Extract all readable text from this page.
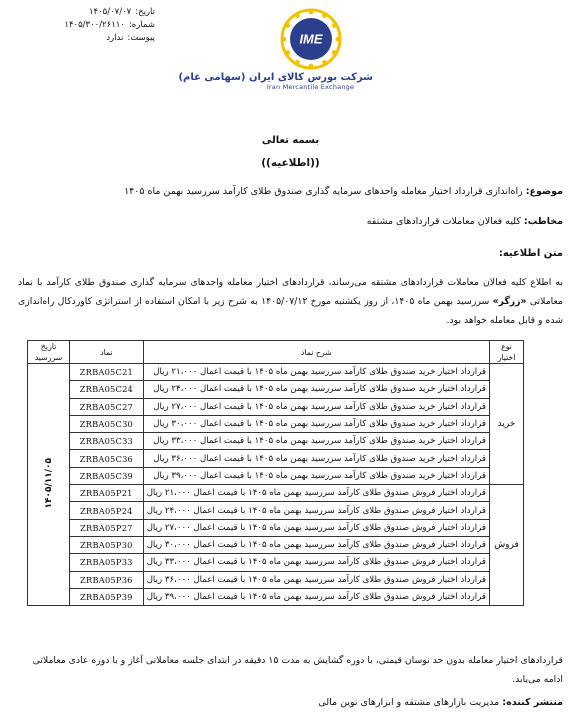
تاریخ:
۱۴۰۵/۰۷/۰۷
شماره:
۱۴۰۵/۳۰۰/۲۶۱۱۰
پیوست:
ندارد	IME
شرکت بورس کالای ایران (سهامی عام)
Iran Mercantile Exchange
بسمه تعالی
((اطلاعیه))
موضوع: راه‌اندازی قرارداد اختیار معامله واحدهای سرمایه گذاری صندوق طلای کارآمد سررسید بهمن ماه ۱۴۰۵
مخاطب: کلیه فعالان معاملات قراردادهای مشتقه
متن اطلاعیه:
به اطلاع کلیه فعالان معاملات قراردادهای مشتقه می‌رساند، قراردادهای اختیار معامله واحدهای سرمایه گذاری صندوق طلای کارآمد با نماد معاملاتی «زرگر» سررسید بهمن ماه ۱۴۰۵، از روز یکشنبه مورخ ۱۴۰۵/۰۷/۱۲ به شرح زیر با امکان استفاده از استراتژی کاورد‌کال راه‌اندازی شده و قابل معامله خواهد بود.
نوع اختیار	شرح نماد	نماد	تاریخ سررسید
خرید	قرارداد اختیار خرید صندوق طلای کارآمد سررسید بهمن ماه ۱۴۰۵ با قیمت اعمال ۲۱،۰۰۰ ریال	ZRBA05C21	۱۴۰۵/۱۱/۰۵
	قرارداد اختیار خرید صندوق طلای کارآمد سررسید بهمن ماه ۱۴۰۵ با قیمت اعمال ۲۴،۰۰۰ ریال	ZRBA05C24	
	قرارداد اختیار خرید صندوق طلای کارآمد سررسید بهمن ماه ۱۴۰۵ با قیمت اعمال ۲۷،۰۰۰ ریال	ZRBA05C27	
	قرارداد اختیار خرید صندوق طلای کارآمد سررسید بهمن ماه ۱۴۰۵ با قیمت اعمال ۳۰،۰۰۰ ریال	ZRBA05C30	
	قرارداد اختیار خرید صندوق طلای کارآمد سررسید بهمن ماه ۱۴۰۵ با قیمت اعمال ۳۳،۰۰۰ ریال	ZRBA05C33	
	قرارداد اختیار خرید صندوق طلای کارآمد سررسید بهمن ماه ۱۴۰۵ با قیمت اعمال ۳۶،۰۰۰ ریال	ZRBA05C36	
	قرارداد اختیار خرید صندوق طلای کارآمد سررسید بهمن ماه ۱۴۰۵ با قیمت اعمال ۳۹،۰۰۰ ریال	ZRBA05C39	
فروش	قرارداد اختیار فروش صندوق طلای کارآمد سررسید بهمن ماه ۱۴۰۵ با قیمت اعمال ۲۱،۰۰۰ ریال	ZRBA05P21	
	قرارداد اختیار فروش صندوق طلای کارآمد سررسید بهمن ماه ۱۴۰۵ با قیمت اعمال ۲۴،۰۰۰ ریال	ZRBA05P24	
	قرارداد اختیار فروش صندوق طلای کارآمد سررسید بهمن ماه ۱۴۰۵ با قیمت اعمال ۲۷،۰۰۰ ریال	ZRBA05P27	
	قرارداد اختیار فروش صندوق طلای کارآمد سررسید بهمن ماه ۱۴۰۵ با قیمت اعمال ۳۰،۰۰۰ ریال	ZRBA05P30	
	قرارداد اختیار فروش صندوق طلای کارآمد سررسید بهمن ماه ۱۴۰۵ با قیمت اعمال ۳۳،۰۰۰ ریال	ZRBA05P33	
	قرارداد اختیار فروش صندوق طلای کارآمد سررسید بهمن ماه ۱۴۰۵ با قیمت اعمال ۳۶،۰۰۰ ریال	ZRBA05P36	
	قرارداد اختیار فروش صندوق طلای کارآمد سررسید بهمن ماه ۱۴۰۵ با قیمت اعمال ۳۹،۰۰۰ ریال	ZRBA05P39	
قراردادهای اختیار معامله بدون حد نوسان قیمتی، با دوره گشایش به مدت ۱۵ دقیقه در ابتدای جلسه معاملاتی آغاز و با دوره عادی معاملاتی ادامه می‌یابد.
منتشر کننده: مدیریت بازارهای مشتقه و ابزارهای نوین مالی
